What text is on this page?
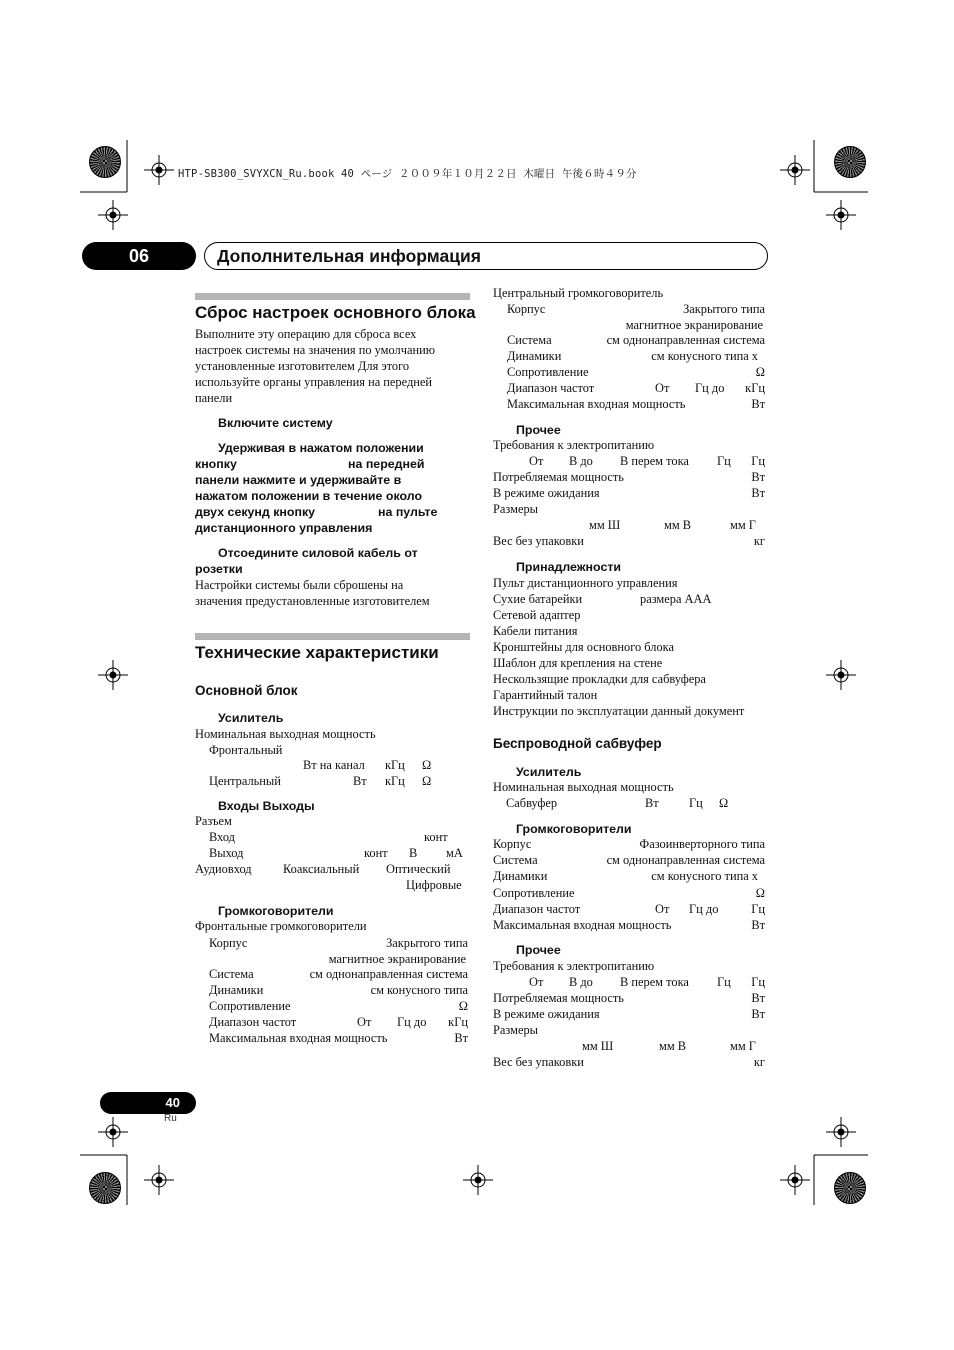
HTP-SB300_SVYXCN_Ru.book 40 ページ ２００９年１０月２２日 木曜日 午後６時４９分
06	Дополнительная информация
Сброс настроек основного блока
Выполните эту операцию для сброса всех
настроек системы на значения по умолчанию
установленные изготовителем Для этого
используйте органы управления на передней
панели
Включите систему
Удерживая в нажатом положении
кнопку	на передней
панели нажмите и удерживайте в
нажатом положении в течение около
двух секунд кнопку	на пульте
дистанционного управления
Отсоедините силовой кабель от
розетки
Настройки системы были сброшены на
значения предустановленные изготовителем
Технические характеристики
Основной блок
Усилитель
Номинальная выходная мощность
Фронтальный
Вт на канал кГц Ω
Центральный	Вт кГц Ω
Входы Выходы
Разъем
Вход	конт
Выход	конт В мА
Аудиовход	Коаксиальный Оптический
Цифровые
Громкоговорители
Фронтальные громкоговорители
Корпус	Закрытого типа
магнитное экранирование
Система	см однонаправленная система
Динамики	см конусного типа
Сопротивление	Ω
Диапазон частот	От Гц до кГц
Максимальная входная мощность	Вт
Центральный громкоговоритель
Корпус	Закрытого типа
магнитное экранирование
Система	см однонаправленная система
Динамики	см конусного типа х
Сопротивление	Ω
Диапазон частот	От Гц до кГц
Максимальная входная мощность	Вт
Прочее
Требования к электропитанию
От В до В перем тока Гц Гц
Потребляемая мощность	Вт
В режиме ожидания	Вт
Размеры
мм Ш	мм В	мм Г
Вес без упаковки	кг
Принадлежности
Пульт дистанционного управления
Сухие батарейки	размера AAA
Сетевой адаптер
Кабели питания
Кронштейны для основного блока
Шаблон для крепления на стене
Нескользящие прокладки для сабвуфера
Гарантийный талон
Инструкции по эксплуатации данный документ
Беспроводной сабвуфер
Усилитель
Номинальная выходная мощность
Сабвуфер	Вт Гц Ω
Громкоговорители
Корпус	Фазоинверторного типа
Система	см однонаправленная система
Динамики	см конусного типа х
Сопротивление	Ω
Диапазон частот	От Гц до	Гц
Максимальная входная мощность	Вт
Прочее
Требования к электропитанию
От В до В перем тока Гц Гц
Потребляемая мощность	Вт
В режиме ожидания	Вт
Размеры
мм Ш	мм В	мм Г
Вес без упаковки	кг
40
Ru
